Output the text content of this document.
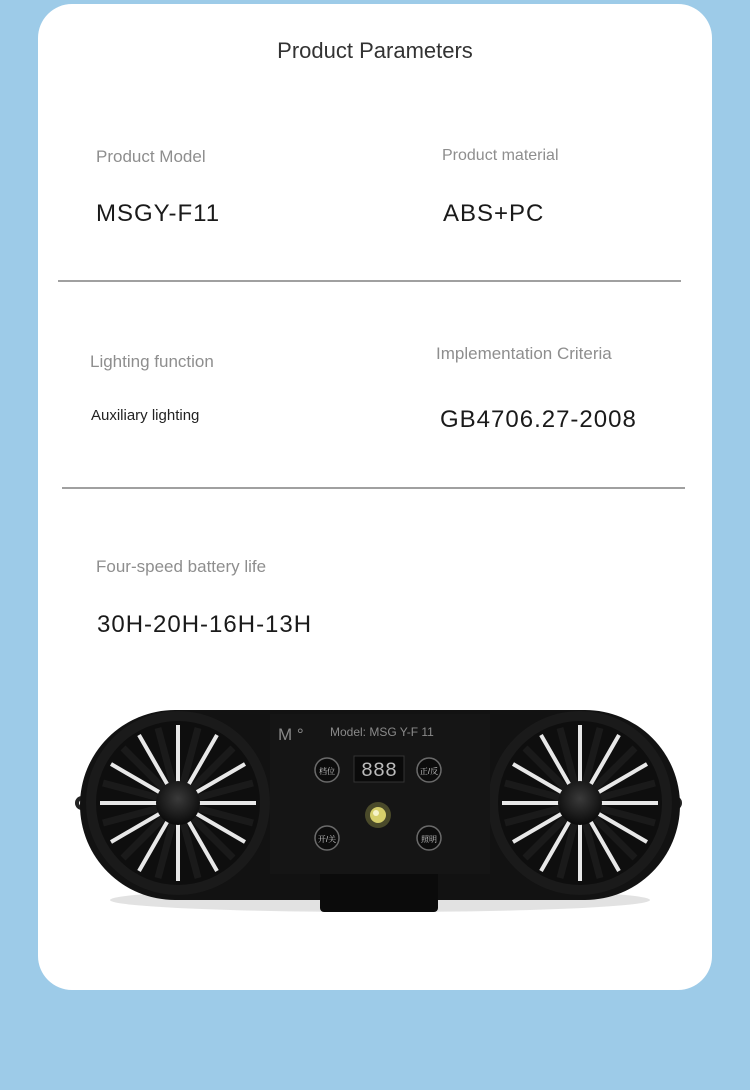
Product Parameters
Product Model
MSGY-F11
Product material
ABS+PC
Lighting function
Auxiliary lighting
Implementation Criteria
GB4706.27-2008
Four-speed battery life
30H-20H-16H-13H
M ° Model: MSG Y-F 11
888
档位	正/反
开/关	照明
